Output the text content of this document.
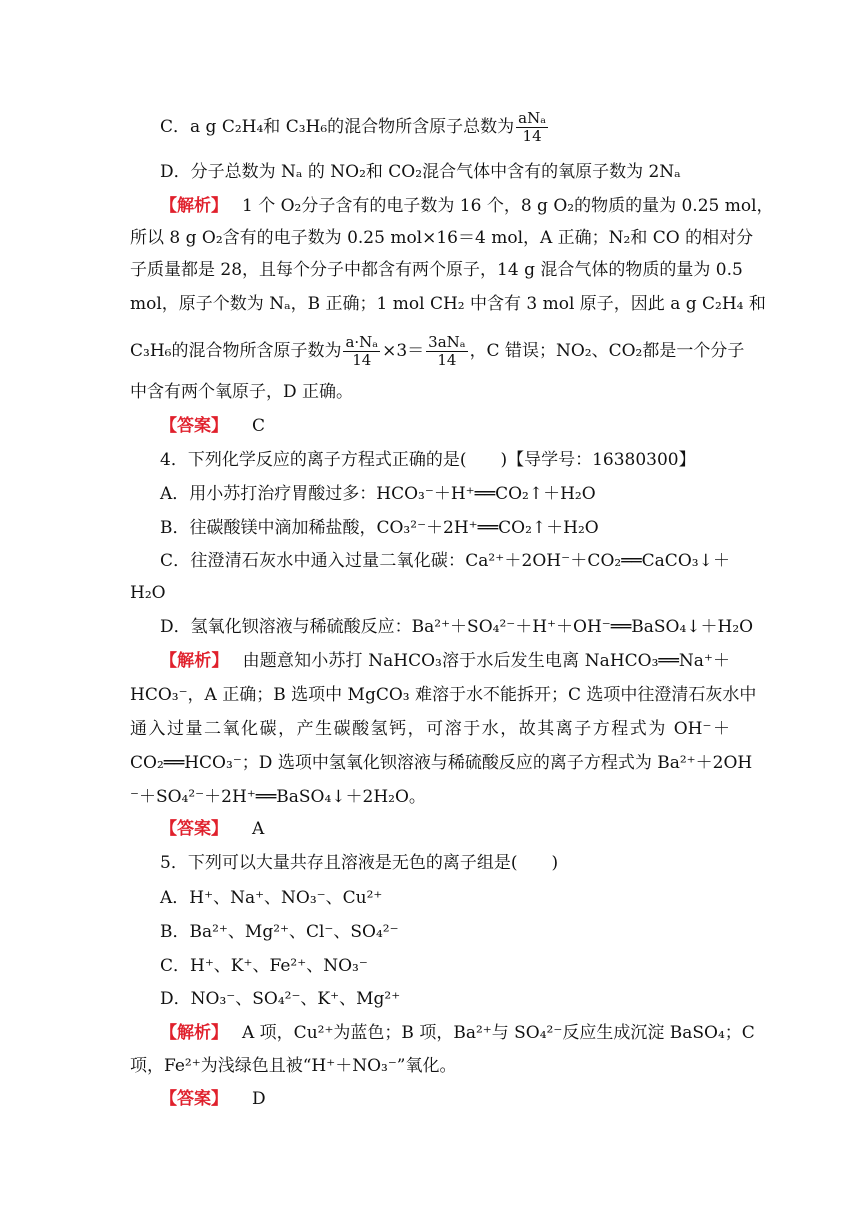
C．a g C₂H₄和 C₃H₆的混合物所含原子总数为 $\frac{\text{aNₐ}}{14}$
D．分子总数为 Nₐ 的 NO₂和 CO₂混合气体中含有的氧原子数为 2Nₐ
【解析】 1 个 O₂分子含有的电子数为 16 个，8 g O₂的物质的量为 0.25 mol，
所以 8 g O₂含有的电子数为 0.25 mol×16＝4 mol，A 正确；N₂和 CO 的相对分
子质量都是 28，且每个分子中都含有两个原子，14 g 混合气体的物质的量为 0.5
mol，原子个数为 Nₐ，B 正确；1 mol CH₂ 中含有 3 mol 原子，因此 a g C₂H₄ 和
C₃H₆的混合物所含原子数为 $\frac{\text{a·Nₐ}}{14} \times 3= \frac{\text{3aNₐ}}{14}$ ，C 错误；NO₂、CO₂都是一个分子
中含有两个氧原子，D 正确。
【答案】 C
4．下列化学反应的离子方程式正确的是(　　)【导学号：16380300】
A．用小苏打治疗胃酸过多：HCO₃⁻＋H⁺══CO₂↑＋H₂O
B．往碳酸镁中滴加稀盐酸，CO₃²⁻＋2H⁺══CO₂↑＋H₂O
C．往澄清石灰水中通入过量二氧化碳：Ca²⁺＋2OH⁻＋CO₂══CaCO₃↓＋
H₂O
D．氢氧化钡溶液与稀硫酸反应：Ba²⁺＋SO₄²⁻＋H⁺＋OH⁻══BaSO₄↓＋H₂O
【解析】 由题意知小苏打 NaHCO₃溶于水后发生电离 NaHCO₃══Na⁺＋
HCO₃⁻，A 正确；B 选项中 MgCO₃ 难溶于水不能拆开；C 选项中往澄清石灰水中
通入过量二氧化碳，产生碳酸氢钙，可溶于水，故其离子方程式为 OH⁻＋
CO₂══HCO₃⁻；D 选项中氢氧化钡溶液与稀硫酸反应的离子方程式为 Ba²⁺＋2OH
⁻＋SO₄²⁻＋2H⁺══BaSO₄↓＋2H₂O。
【答案】 A
5．下列可以大量共存且溶液是无色的离子组是(　　)
A．H⁺、Na⁺、NO₃⁻、Cu²⁺
B．Ba²⁺、Mg²⁺、Cl⁻、SO₄²⁻
C．H⁺、K⁺、Fe²⁺、NO₃⁻
D．NO₃⁻、SO₄²⁻、K⁺、Mg²⁺
【解析】 A 项，Cu²⁺为蓝色；B 项，Ba²⁺与 SO₄²⁻反应生成沉淀 BaSO₄；C
项，Fe²⁺为浅绿色且被“H⁺＋NO₃⁻”氧化。
【答案】 D
